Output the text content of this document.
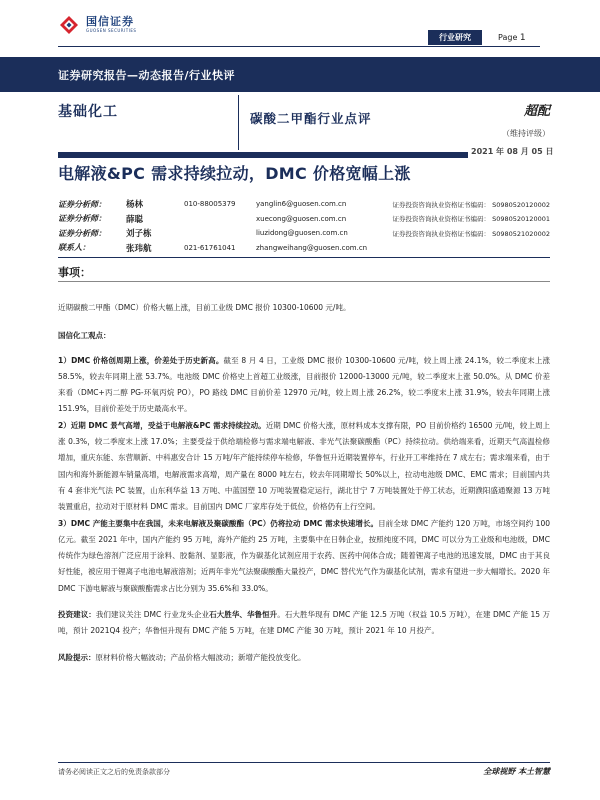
国信证券
GUOSEN SECURITIES
行业研究	Page 1
证券研究报告—动态报告/行业快评
基础化工	碳酸二甲酯行业点评	超配
（维持评级）
2021 年 08 月 05 日
电解液&PC 需求持续拉动，DMC 价格宽幅上涨
证券分析师：	杨林	010-88005379	yanglin6@guosen.com.cn	证券投资咨询执业资格证书编码： S0980520120002
证券分析师：	薛聪		xuecong@guosen.com.cn	证券投资咨询执业资格证书编码： S0980520120001
证券分析师：	刘子栋		liuzidong@guosen.com.cn	证券投资咨询执业资格证书编码： S0980521020002
联系人：	张玮航	021-61761041	zhangweihang@guosen.com.cn	
事项：

近期碳酸二甲酯（DMC）价格大幅上涨，目前工业级 DMC 报价 10300-10600 元/吨。

国信化工观点：

1）DMC 价格创周期上涨，价差处于历史新高。截至 8 月 4 日，工业级 DMC 报价 10300-10600 元/吨，较上周上涨 24.1%，较二季度末上涨 58.5%，较去年同期上涨 53.7%。电池级 DMC 价格史上首超工业级涨，目前报价 12000-13000 元/吨，较二季度末上涨 50.0%。从 DMC 价差来看（DMC+丙二醇 PG-环氧丙烷 PO），PO 路线 DMC 目前价差 12970 元/吨，较上周上涨 26.2%，较二季度末上涨 31.9%，较去年同期上涨 151.9%，目前价差处于历史最高水平。

2）近期 DMC 景气高增，受益于电解液&PC 需求持续拉动。近期 DMC 价格大涨，原材料成本支撑有限，PO 目前价格约 16500 元/吨，较上周上涨 0.3%，较二季度末上涨 17.0%；主要受益于供给端检修与需求端电解液、非光气法聚碳酸酯（PC）持续拉动。供给端来看，近期天气高温检修增加，重庆东能、东营顺新、中科惠安合计 15 万吨/年产能持续停车检修，华鲁恒升近期装置停车，行业开工率维持在 7 成左右；需求端来看，由于国内和海外新能源车销量高增，电解液需求高增，周产量在 8000 吨左右，较去年同期增长 50%以上，拉动电池级 DMC、EMC 需求；目前国内共有 4 套非光气法 PC 装置，山东利华益 13 万吨、中蓝国塑 10 万吨装置稳定运行，湖北甘宁 7 万吨装置处于停工状态，近期濮阳盛通聚源 13 万吨装置重启，拉动对于原材料 DMC 需求。目前国内 DMC 厂家库存处于低位，价格仍有上行空间。

3）DMC 产能主要集中在我国，未来电解液及聚碳酸酯（PC）仍将拉动 DMC 需求快速增长。目前全球 DMC 产能约 120 万吨，市场空间约 100 亿元。截至 2021 年中，国内产能约 95 万吨，海外产能约 25 万吨，主要集中在日韩企业，按照纯度不同，DMC 可以分为工业级和电池级，DMC 传统作为绿色溶剂广泛应用于涂料、胶黏剂、显影液，作为碳基化试剂应用于农药、医药中间体合成；随着锂离子电池的迅速发展，DMC 由于其良好性能，被应用于锂离子电池电解液溶剂；近两年非光气法聚碳酸酯大量投产，DMC 替代光气作为碳基化试剂，需求有望进一步大幅增长。2020 年 DMC 下游电解液与聚碳酸酯需求占比分别为 35.6%和 33.0%。

投资建议：我们建议关注 DMC 行业龙头企业石大胜华、华鲁恒升。石大胜华现有 DMC 产能 12.5 万吨（权益 10.5 万吨），在建 DMC 产能 15 万吨，预计 2021Q4 投产；华鲁恒升现有 DMC 产能 5 万吨，在建 DMC 产能 30 万吨，预计 2021 年 10 月投产。

风险提示：原材料价格大幅波动；产品价格大幅波动；新增产能投放变化。

请务必阅读正文之后的免责条款部分	全球视野 本土智慧
